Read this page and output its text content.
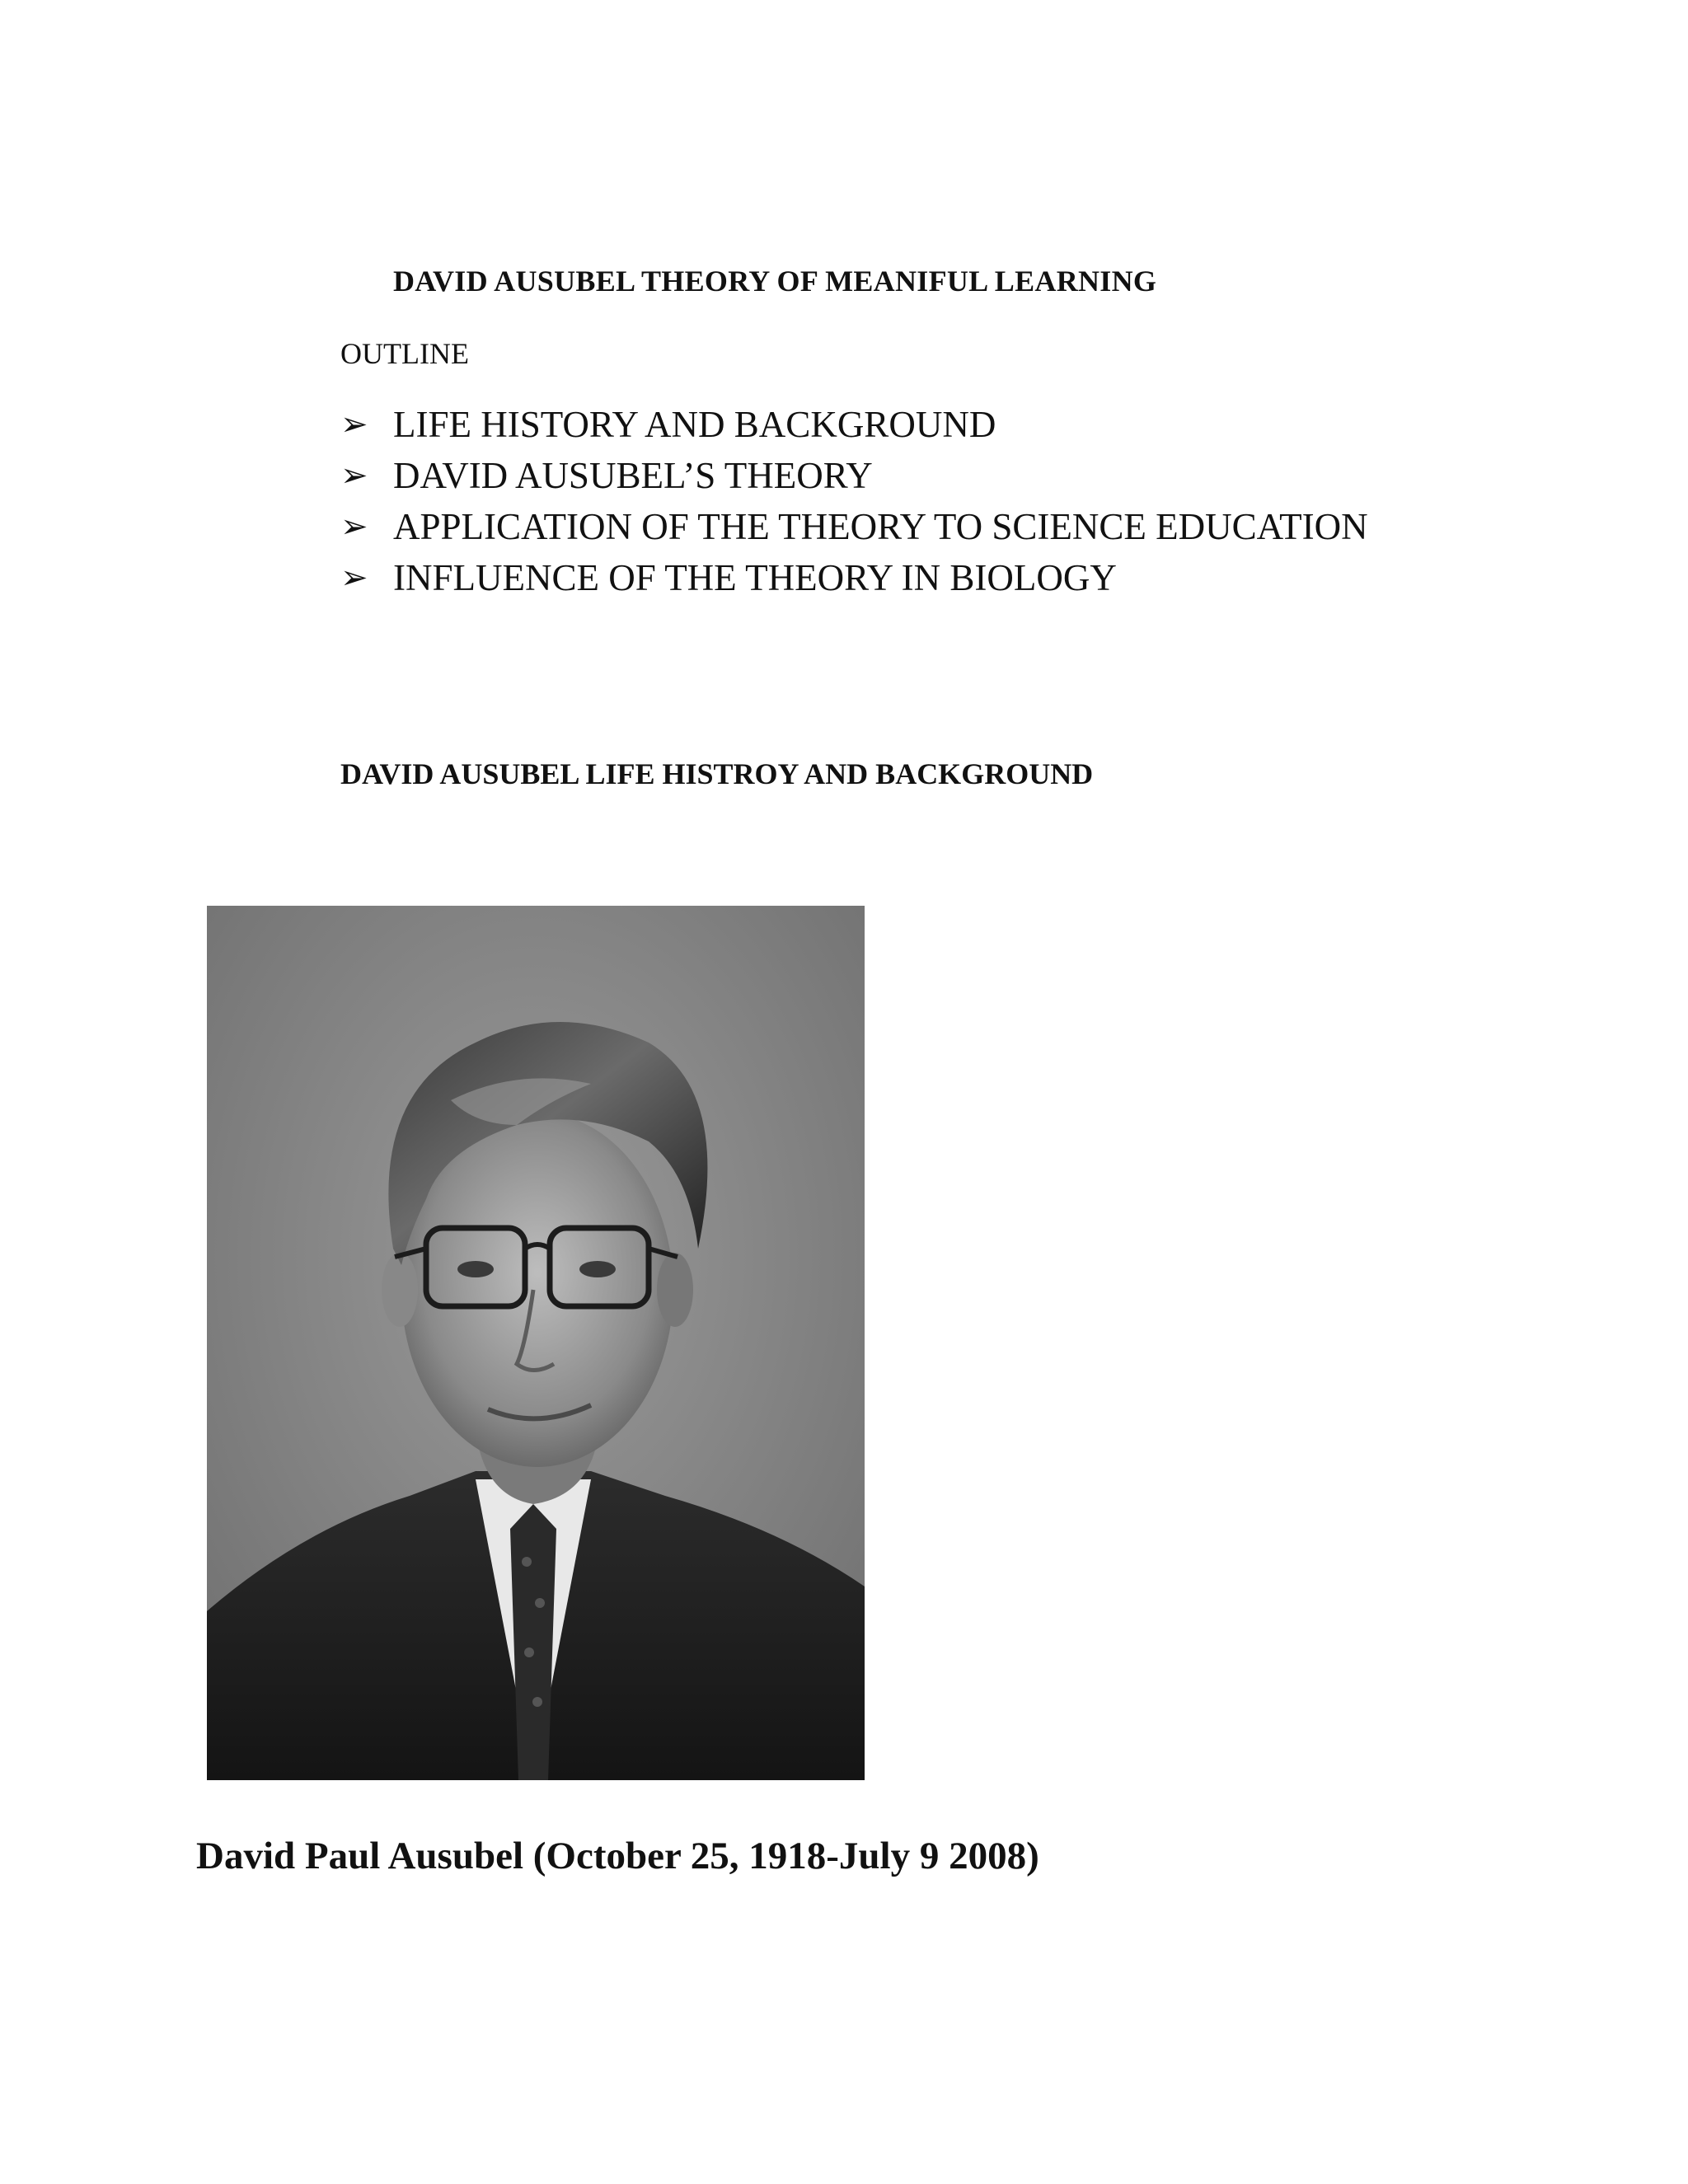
DAVID AUSUBEL THEORY OF MEANIFUL LEARNING
OUTLINE
➢ LIFE HISTORY AND BACKGROUND
➢ DAVID AUSUBEL’S THEORY
➢ APPLICATION OF THE THEORY TO SCIENCE EDUCATION
➢ INFLUENCE OF THE THEORY IN BIOLOGY
DAVID AUSUBEL LIFE HISTROY AND BACKGROUND
David Paul Ausubel (October 25, 1918-July 9 2008)
